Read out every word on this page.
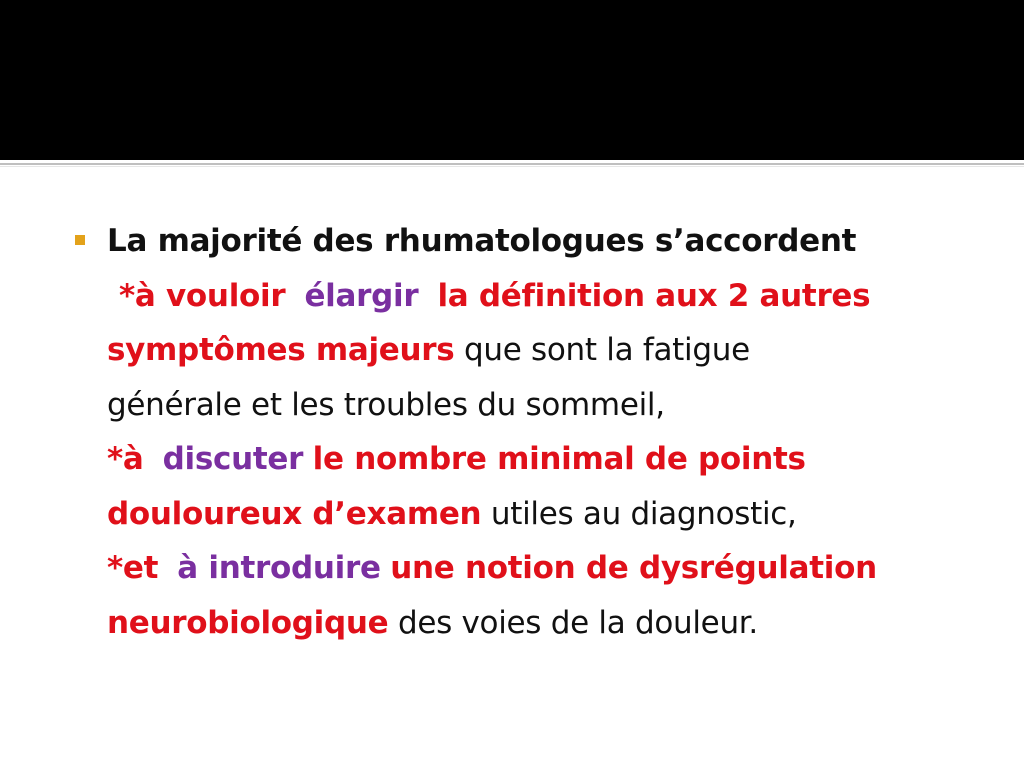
La majorité des rhumatologues s’accordent
*à vouloir élargir la définition aux 2 autres
symptômes majeurs que sont la fatigue
générale et les troubles du sommeil,
*à discuter le nombre minimal de points
douloureux d’examen utiles au diagnostic,
*et à introduire une notion de dysrégulation
neurobiologique des voies de la douleur.
